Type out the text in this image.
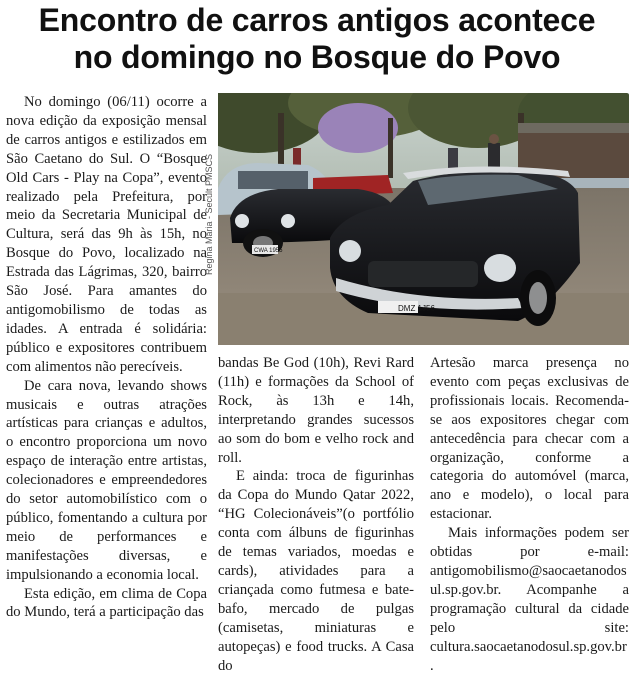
Encontro de carros antigos acontece
no domingo no Bosque do Povo

No domingo (06/11) ocorre a nova edição da exposição mensal de carros antigos e estilizados em São Caetano do Sul. O “Bosque Old Cars - Play na Copa”, evento realizado pela Prefeitura, por meio da Secretaria Municipal de Cultura, será das 9h às 15h, no Bosque do Povo, localizado na Estrada das Lágrimas, 320, bairro São José. Para amantes do antigomobilismo de todas as idades. A entrada é solidária: público e expositores contribuem com alimentos não perecíveis.

De cara nova, levando shows musicais e outras atrações artísticas para crianças e adultos, o encontro proporciona um novo espaço de interação entre artistas, colecionadores e empreendedores do setor automobilístico com o público, fomentando a cultura por meio de performances e manifestações diversas, e impulsionando a economia local.

Esta edição, em clima de Copa do Mundo, terá a participação das

Regina Maria - Secult PMSCS
DMZ 1J56
CWA 1955

bandas Be God (10h), Revi Rard (11h) e formações da School of Rock, às 13h e 14h, interpretando grandes sucessos ao som do bom e velho rock and roll.

E ainda: troca de figurinhas da Copa do Mundo Qatar 2022, “HG Colecionáveis”(o portfólio conta com álbuns de figurinhas de temas variados, moedas e cards), atividades para a criançada como futmesa e bate-bafo, mercado de pulgas (camisetas, miniaturas e autopeças) e food trucks. A Casa do

Artesão marca presença no evento com peças exclusivas de profissionais locais. Recomenda-se aos expositores chegar com antecedência para checar com a organização, conforme a categoria do automóvel (marca, ano e modelo), o local para estacionar.

Mais informações podem ser obtidas por e-mail: antigomobilismo@saocaetanodosul.sp.gov.br. Acompanhe a programação cultural da cidade pelo site: cultura.saocaetanodosul.sp.gov.br.
